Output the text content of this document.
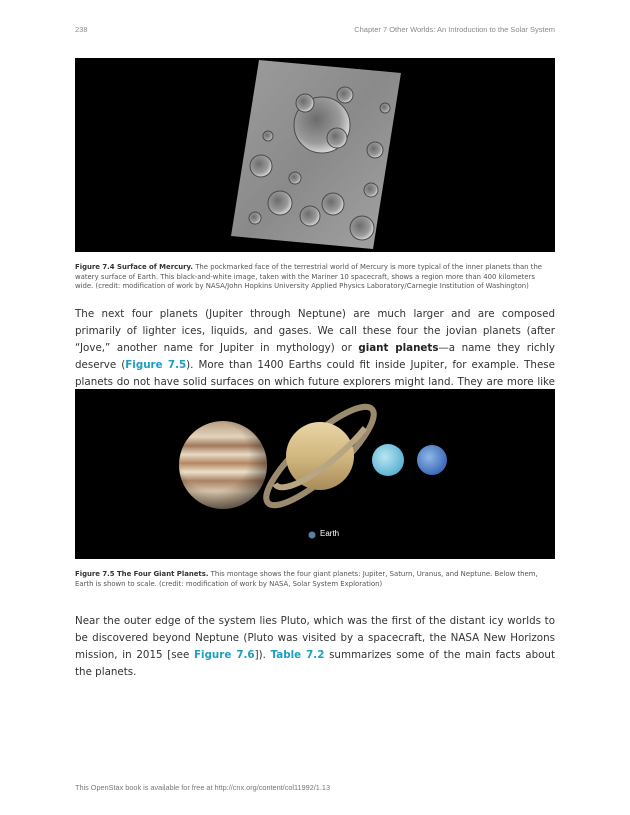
238	Chapter 7 Other Worlds: An Introduction to the Solar System
Figure 7.4 Surface of Mercury. The pockmarked face of the terrestrial world of Mercury is more typical of the inner planets than the watery surface of Earth. This black-and-white image, taken with the Mariner 10 spacecraft, shows a region more than 400 kilometers wide. (credit: modification of work by NASA/John Hopkins University Applied Physics Laboratory/Carnegie Institution of Washington)

The next four planets (Jupiter through Neptune) are much larger and are composed primarily of lighter ices, liquids, and gases. We call these four the jovian planets (after “Jove,” another name for Jupiter in mythology) or giant planets—a name they richly deserve (Figure 7.5). More than 1400 Earths could fit inside Jupiter, for example. These planets do not have solid surfaces on which future explorers might land. They are more like

Earth
Figure 7.5 The Four Giant Planets. This montage shows the four giant planets: Jupiter, Saturn, Uranus, and Neptune. Below them, Earth is shown to scale. (credit: modification of work by NASA, Solar System Exploration)

Near the outer edge of the system lies Pluto, which was the first of the distant icy worlds to be discovered beyond Neptune (Pluto was visited by a spacecraft, the NASA New Horizons mission, in 2015 [see Figure 7.6]). Table 7.2 summarizes some of the main facts about the planets.

This OpenStax book is available for free at http://cnx.org/content/col11992/1.13
